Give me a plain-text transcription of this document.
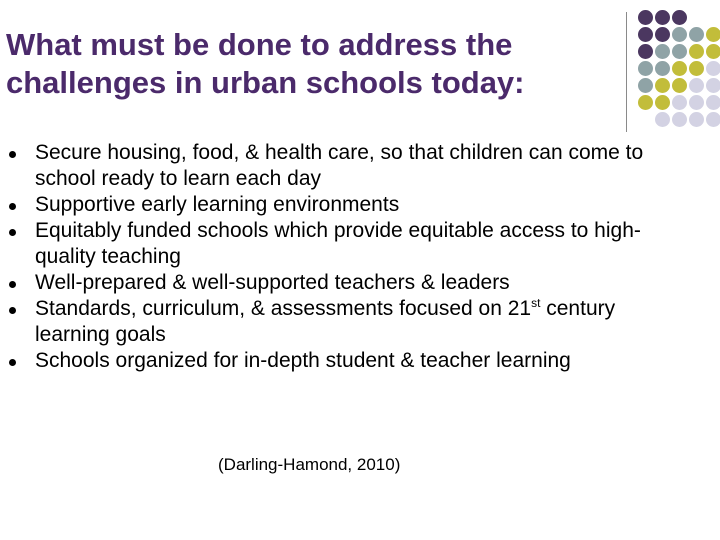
What must be done to address the challenges in urban schools today:
Secure housing, food, & health care, so that children can come to school ready to learn each day
Supportive early learning environments
Equitably funded schools which provide equitable access to high-quality teaching
Well-prepared & well-supported teachers & leaders
Standards, curriculum, & assessments focused on 21st century learning goals
Schools organized for in-depth student & teacher learning
(Darling-Hamond, 2010)
